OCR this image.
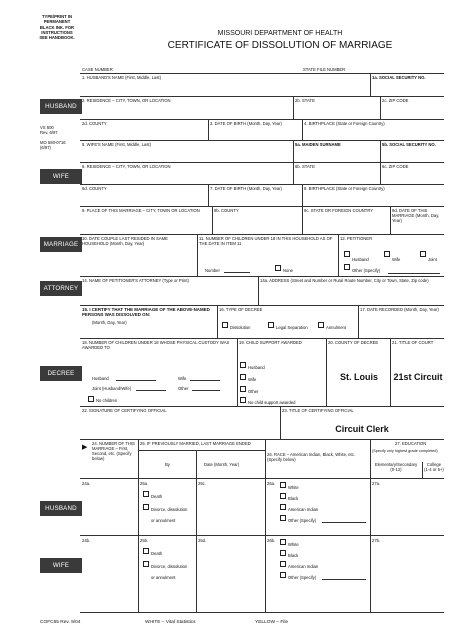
TYPE/PRINT IN PERMANENT BLACK INK. FOR INSTRUCTIONS SEE HANDBOOK.
MISSOURI DEPARTMENT OF HEALTH
CERTIFICATE OF DISSOLUTION OF MARRIAGE
CASE NUMBER	STATE FILE NUMBER
VS 600
Rev. 6/97
MO 580-0716
(6/97)
HUSBAND
WIFE
MARRIAGE
ATTORNEY
DECREE
HUSBAND
WIFE
1. HUSBAND'S NAME (First, Middle, Last)	1a. SOCIAL SECURITY NO.
2. RESIDENCE – CITY, TOWN, OR LOCATION	2b. STATE	2c. ZIP CODE
2d. COUNTY	3. DATE OF BIRTH (Month, Day, Year)	4. BIRTHPLACE (State or Foreign Country)
5. WIFE'S NAME (First, Middle, Last)	5a. MAIDEN SURNAME	5b. SOCIAL SECURITY NO.
6. RESIDENCE – CITY, TOWN, OR LOCATION	6b. STATE	6c. ZIP CODE
6d. COUNTY	7. DATE OF BIRTH (Month, Day, Year)	8. BIRTHPLACE (State or Foreign Country)
9. PLACE OF THIS MARRIAGE – CITY, TOWN OR LOCATION	9b. COUNTY	9c. STATE OR FOREIGN COUNTRY	9d. DATE OF THIS MARRIAGE (Month, Day, Year)
10. DATE COUPLE LAST RESIDED IN SAME HOUSEHOLD (Month, Day, Year)
11. NUMBER OF CHILDREN UNDER 18 IN THIS HOUSEHOLD AS OF THE DATE IN ITEM 11
Number	None
12. PETITIONER
Husband	Wife	Joint
Other (Specify)
14. NAME OF PETITIONER'S ATTORNEY (Type or Print)	14a. ADDRESS (Street and Number or Rural Route Number, City or Town, State, Zip code)
15. I CERTIFY THAT THE MARRIAGE OF THE ABOVE-NAMED PERSONS WAS DISSOLVED ON:
(Month, Day, Year)
16. TYPE OF DECREE
Dissolution	Legal Separation	Annulment
17. DATE RECORDED (Month, Day, Year)
18. NUMBER OF CHILDREN UNDER 18 WHOSE PHYSICAL CUSTODY WAS AWARDED TO
Husband	Wife
Joint (Husband/Wife)	Other
No children
19. CHILD SUPPORT AWARDED
Husband
Wife
Other
No child support awarded
20. COUNTY OF DECREE
St. Louis
21. TITLE OF COURT
21st Circuit
22. SIGNATURE OF CERTIFYING OFFICIAL	23. TITLE OF CERTIFYING OFFICIAL
Circuit Clerk
▶
24. NUMBER OF THIS MARRIAGE – First, Second, etc. (Specify below)
25. IF PREVIOUSLY MARRIED, LAST MARRIAGE ENDED
By	Date (Month, Year)
26. RACE – American Indian, Black, White, etc. (Specify below)
27. EDUCATION
(Specify only highest grade completed)
Elementary/Secondary (0-12)
College (1-4 or 5+)
24a.	25a.	25c.	26a.	27a.
Death
Divorce, dissolution
or annulment
White
Black
American Indian
Other (Specify)
24b.	25b.	25d.	26b.	27b.
Death
Divorce, dissolution
or annulment
White
Black
American Indian
Other (Specify)
COFC65 Rev. 9/04	WHITE – Vital Statistics	YELLOW – File
